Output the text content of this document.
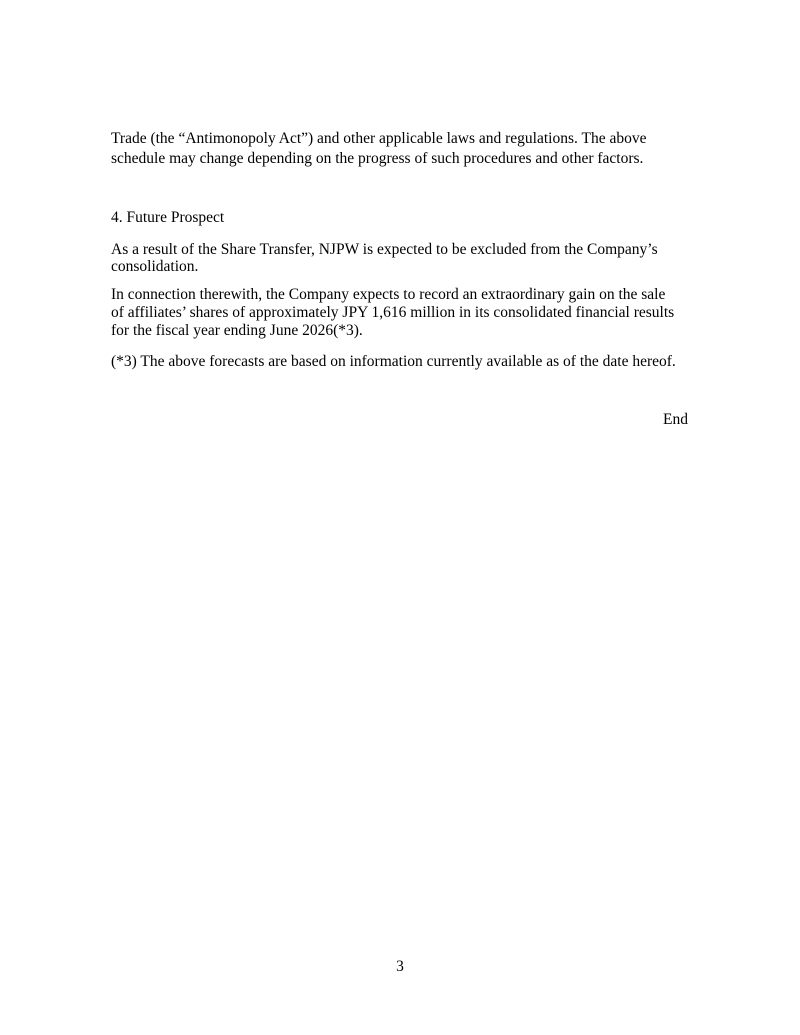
Trade (the “Antimonopoly Act”) and other applicable laws and regulations. The above
schedule may change depending on the progress of such procedures and other factors.
4. Future Prospect
As a result of the Share Transfer, NJPW is expected to be excluded from the Company’s
consolidation.
In connection therewith, the Company expects to record an extraordinary gain on the sale
of affiliates’ shares of approximately JPY 1,616 million in its consolidated financial results
for the fiscal year ending June 2026(*3).
(*3) The above forecasts are based on information currently available as of the date hereof.
End
3
